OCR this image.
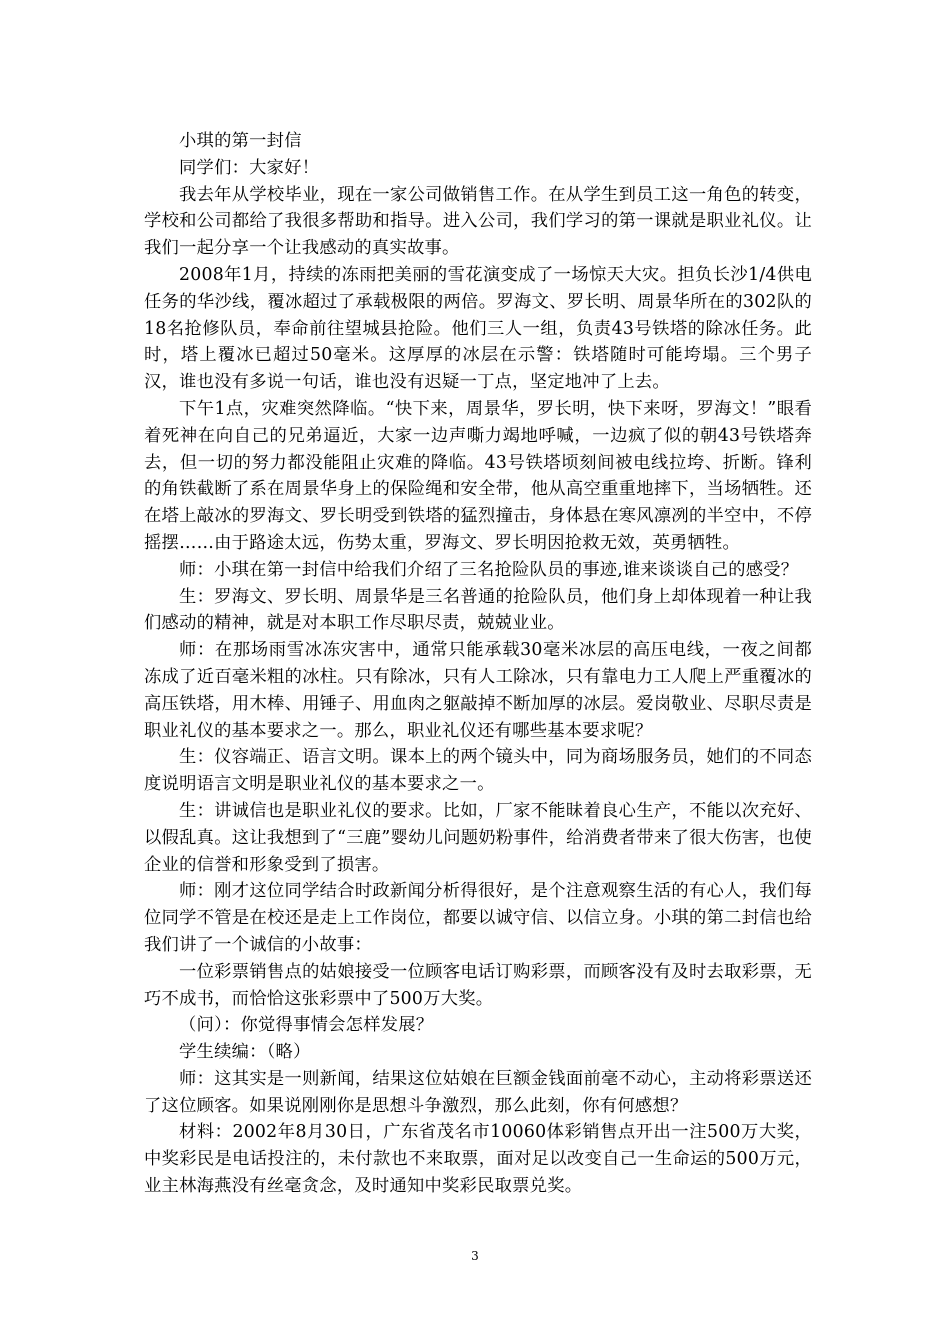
小琪的第一封信

同学们：大家好！

我去年从学校毕业，现在一家公司做销售工作。在从学生到员工这一角色的转变，学校和公司都给了我很多帮助和指导。进入公司，我们学习的第一课就是职业礼仪。让我们一起分享一个让我感动的真实故事。

2008年1月，持续的冻雨把美丽的雪花演变成了一场惊天大灾。担负长沙1/4供电任务的华沙线，覆冰超过了承载极限的两倍。罗海文、罗长明、周景华所在的302队的18名抢修队员，奉命前往望城县抢险。他们三人一组，负责43号铁塔的除冰任务。此时，塔上覆冰已超过50毫米。这厚厚的冰层在示警：铁塔随时可能垮塌。三个男子汉，谁也没有多说一句话，谁也没有迟疑一丁点，坚定地冲了上去。

下午1点，灾难突然降临。“快下来，周景华，罗长明，快下来呀，罗海文！”眼看着死神在向自己的兄弟逼近，大家一边声嘶力竭地呼喊，一边疯了似的朝43号铁塔奔去，但一切的努力都没能阻止灾难的降临。43号铁塔顷刻间被电线拉垮、折断。锋利的角铁截断了系在周景华身上的保险绳和安全带，他从高空重重地摔下，当场牺牲。还在塔上敲冰的罗海文、罗长明受到铁塔的猛烈撞击，身体悬在寒风凛冽的半空中，不停摇摆……由于路途太远，伤势太重，罗海文、罗长明因抢救无效，英勇牺牲。

师：小琪在第一封信中给我们介绍了三名抢险队员的事迹,谁来谈谈自己的感受？

生：罗海文、罗长明、周景华是三名普通的抢险队员，他们身上却体现着一种让我们感动的精神，就是对本职工作尽职尽责，兢兢业业。

师：在那场雨雪冰冻灾害中，通常只能承载30毫米冰层的高压电线，一夜之间都冻成了近百毫米粗的冰柱。只有除冰，只有人工除冰，只有靠电力工人爬上严重覆冰的高压铁塔，用木棒、用锤子、用血肉之躯敲掉不断加厚的冰层。爱岗敬业、尽职尽责是职业礼仪的基本要求之一。那么，职业礼仪还有哪些基本要求呢？

生：仪容端正、语言文明。课本上的两个镜头中，同为商场服务员，她们的不同态度说明语言文明是职业礼仪的基本要求之一。

生：讲诚信也是职业礼仪的要求。比如，厂家不能昧着良心生产，不能以次充好、以假乱真。这让我想到了“三鹿”婴幼儿问题奶粉事件，给消费者带来了很大伤害，也使企业的信誉和形象受到了损害。

师：刚才这位同学结合时政新闻分析得很好，是个注意观察生活的有心人，我们每位同学不管是在校还是走上工作岗位，都要以诚守信、以信立身。小琪的第二封信也给我们讲了一个诚信的小故事：

一位彩票销售点的姑娘接受一位顾客电话订购彩票，而顾客没有及时去取彩票，无巧不成书，而恰恰这张彩票中了500万大奖。

（问）：你觉得事情会怎样发展？

学生续编：（略）

师：这其实是一则新闻，结果这位姑娘在巨额金钱面前毫不动心，主动将彩票送还了这位顾客。如果说刚刚你是思想斗争激烈，那么此刻，你有何感想？

材料：2002年8月30日，广东省茂名市10060体彩销售点开出一注500万大奖，中奖彩民是电话投注的，未付款也不来取票，面对足以改变自己一生命运的500万元，业主林海燕没有丝毫贪念，及时通知中奖彩民取票兑奖。

3
